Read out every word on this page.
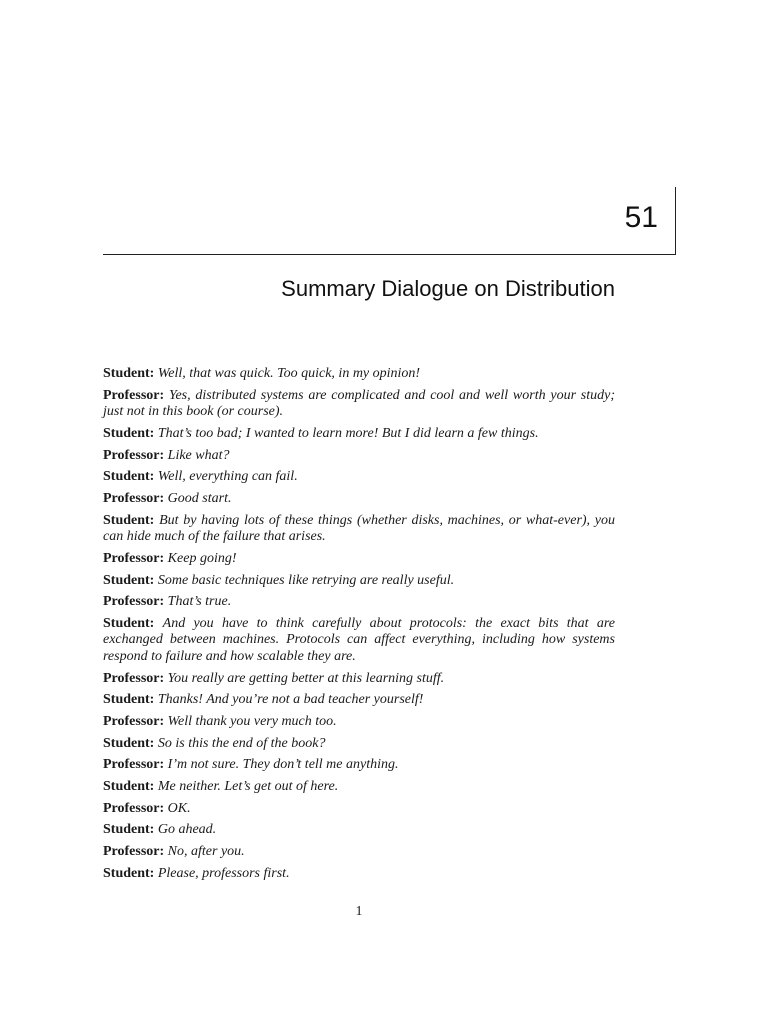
51
Summary Dialogue on Distribution

Student: Well, that was quick. Too quick, in my opinion!

Professor: Yes, distributed systems are complicated and cool and well worth your study; just not in this book (or course).

Student: That’s too bad; I wanted to learn more! But I did learn a few things.

Professor: Like what?

Student: Well, everything can fail.

Professor: Good start.

Student: But by having lots of these things (whether disks, machines, or what-ever), you can hide much of the failure that arises.

Professor: Keep going!

Student: Some basic techniques like retrying are really useful.

Professor: That’s true.

Student: And you have to think carefully about protocols: the exact bits that are exchanged between machines. Protocols can affect everything, including how systems respond to failure and how scalable they are.

Professor: You really are getting better at this learning stuff.

Student: Thanks! And you’re not a bad teacher yourself!

Professor: Well thank you very much too.

Student: So is this the end of the book?

Professor: I’m not sure. They don’t tell me anything.

Student: Me neither. Let’s get out of here.

Professor: OK.

Student: Go ahead.

Professor: No, after you.

Student: Please, professors first.

1
